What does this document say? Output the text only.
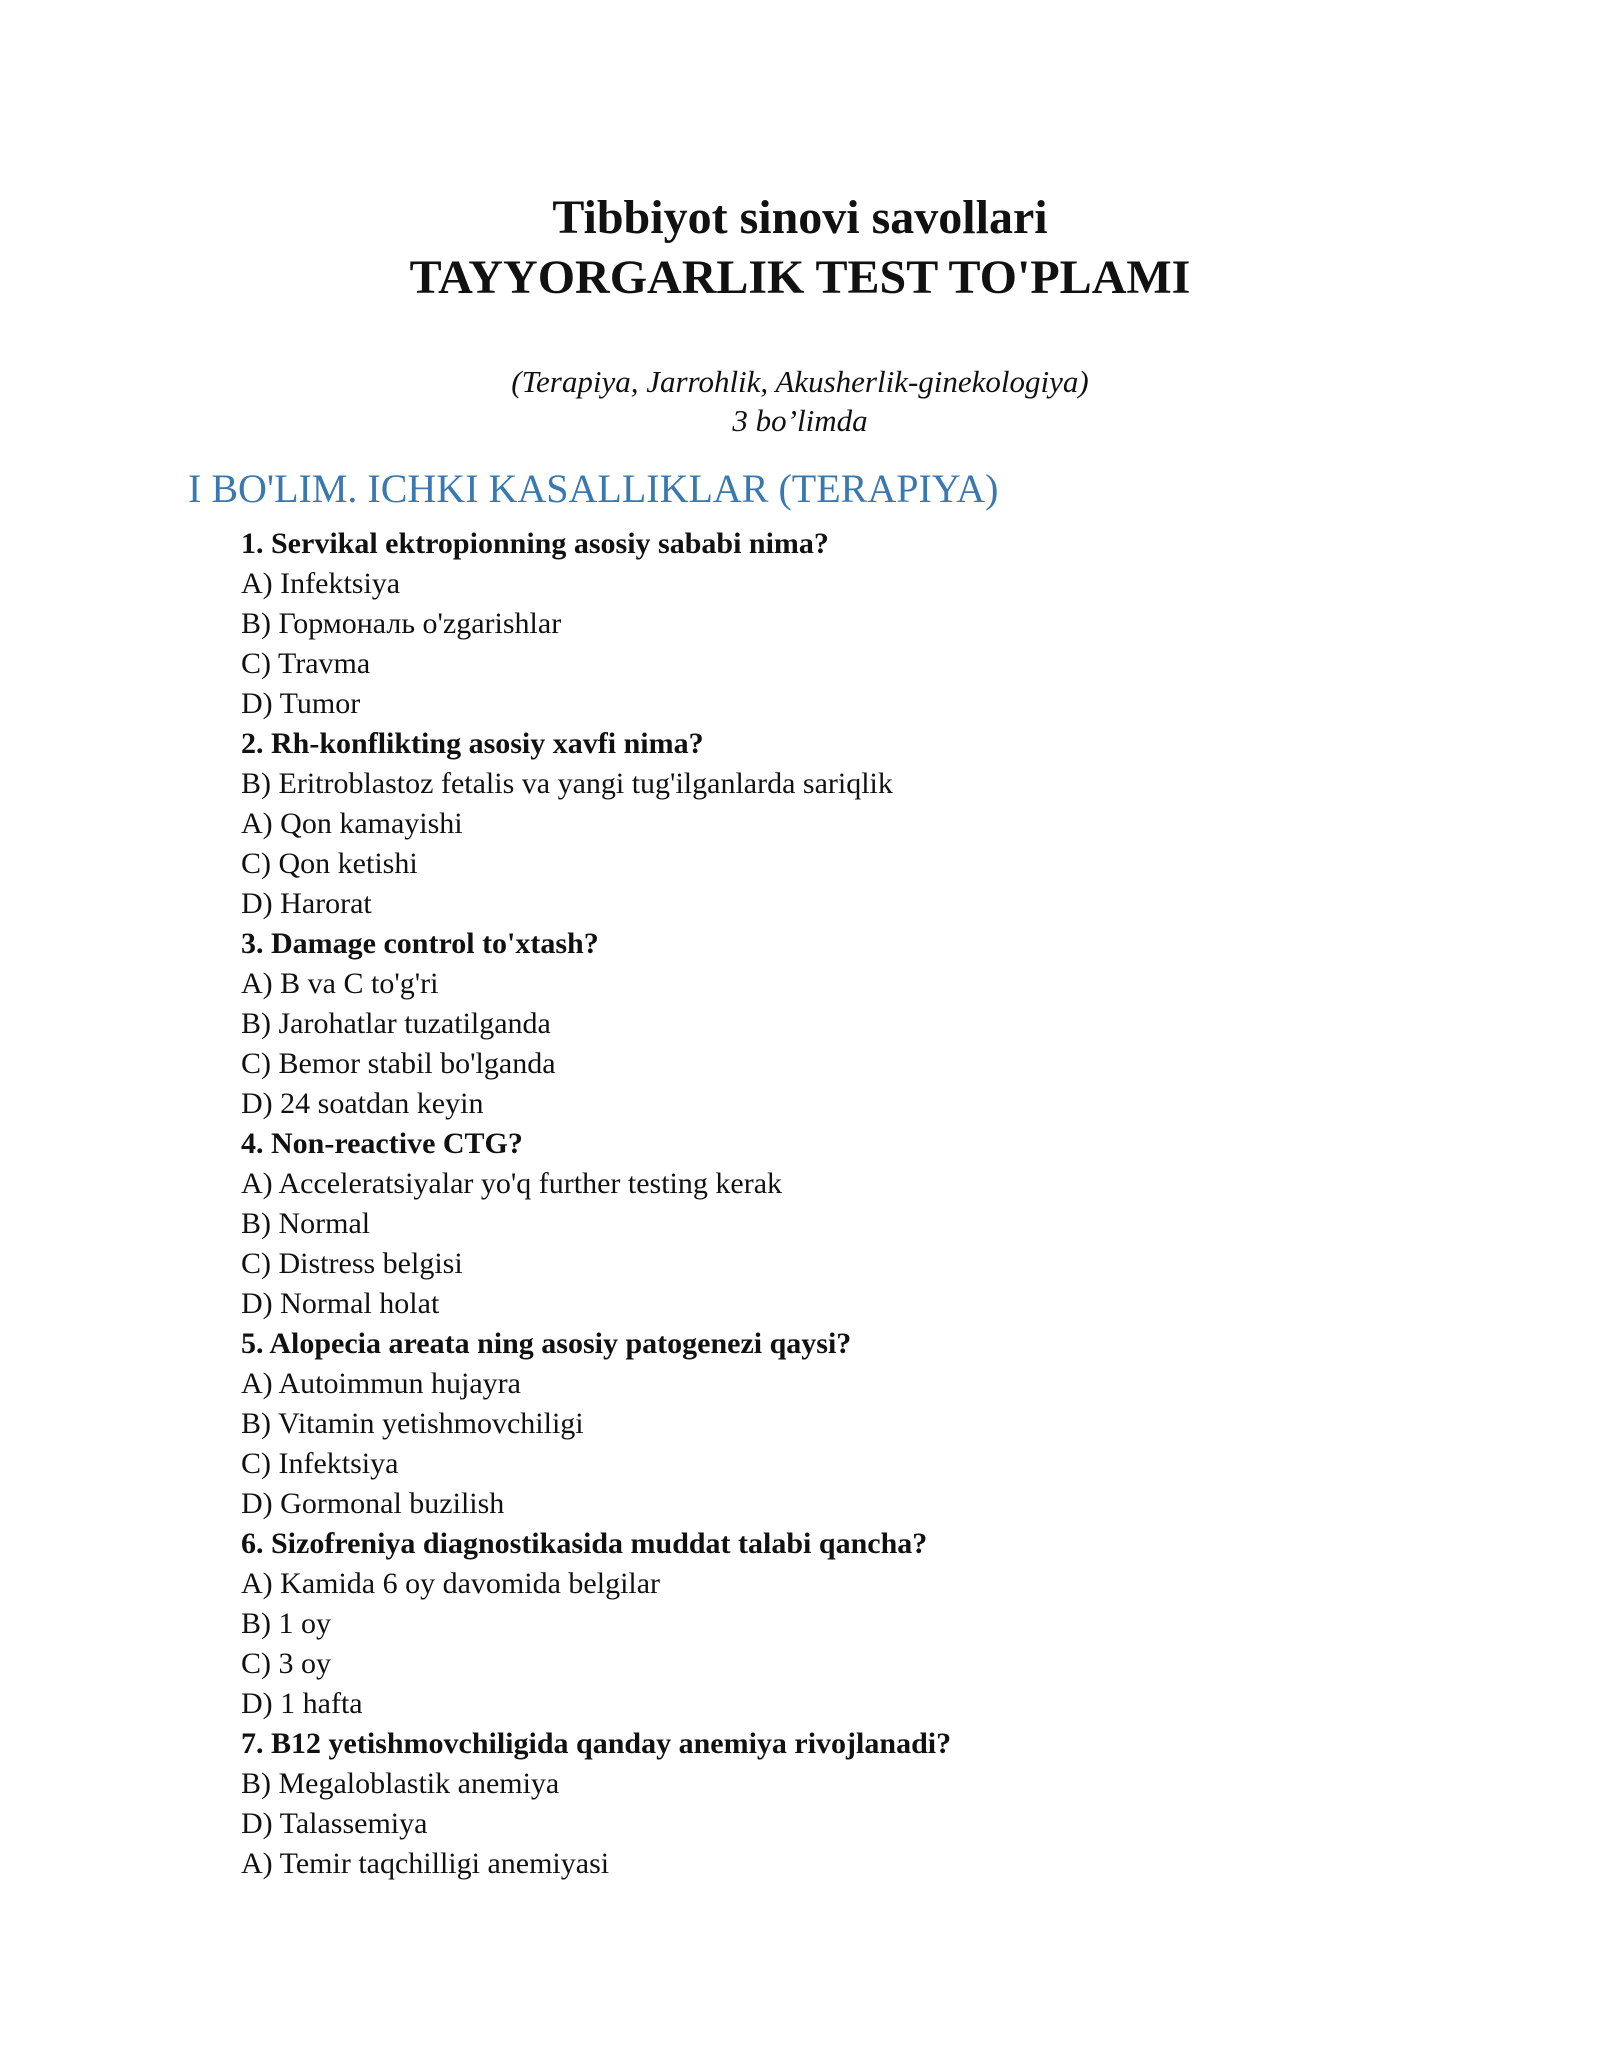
Tibbiyot sinovi savollari
TAYYORGARLIK TEST TO'PLAMI
(Terapiya, Jarrohlik, Akusherlik-ginekologiya)
3 bo’limda
I BO'LIM. ICHKI KASALLIKLAR (TERAPIYA)
1. Servikal ektropionning asosiy sababi nima?
A) Infektsiya
B) Гормональ o'zgarishlar
C) Travma
D) Tumor
2. Rh-konflikting asosiy xavfi nima?
B) Eritroblastoz fetalis va yangi tug'ilganlarda sariqlik
A) Qon kamayishi
C) Qon ketishi
D) Harorat
3. Damage control to'xtash?
A) B va C to'g'ri
B) Jarohatlar tuzatilganda
C) Bemor stabil bo'lganda
D) 24 soatdan keyin
4. Non-reactive CTG?
A) Acceleratsiyalar yo'q further testing kerak
B) Normal
C) Distress belgisi
D) Normal holat
5. Alopecia areata ning asosiy patogenezi qaysi?
A) Autoimmun hujayra
B) Vitamin yetishmovchiligi
C) Infektsiya
D) Gormonal buzilish
6. Sizofreniya diagnostikasida muddat talabi qancha?
A) Kamida 6 oy davomida belgilar
B) 1 oy
C) 3 oy
D) 1 hafta
7. B12 yetishmovchiligida qanday anemiya rivojlanadi?
B) Megaloblastik anemiya
D) Talassemiya
A) Temir taqchilligi anemiyasi
